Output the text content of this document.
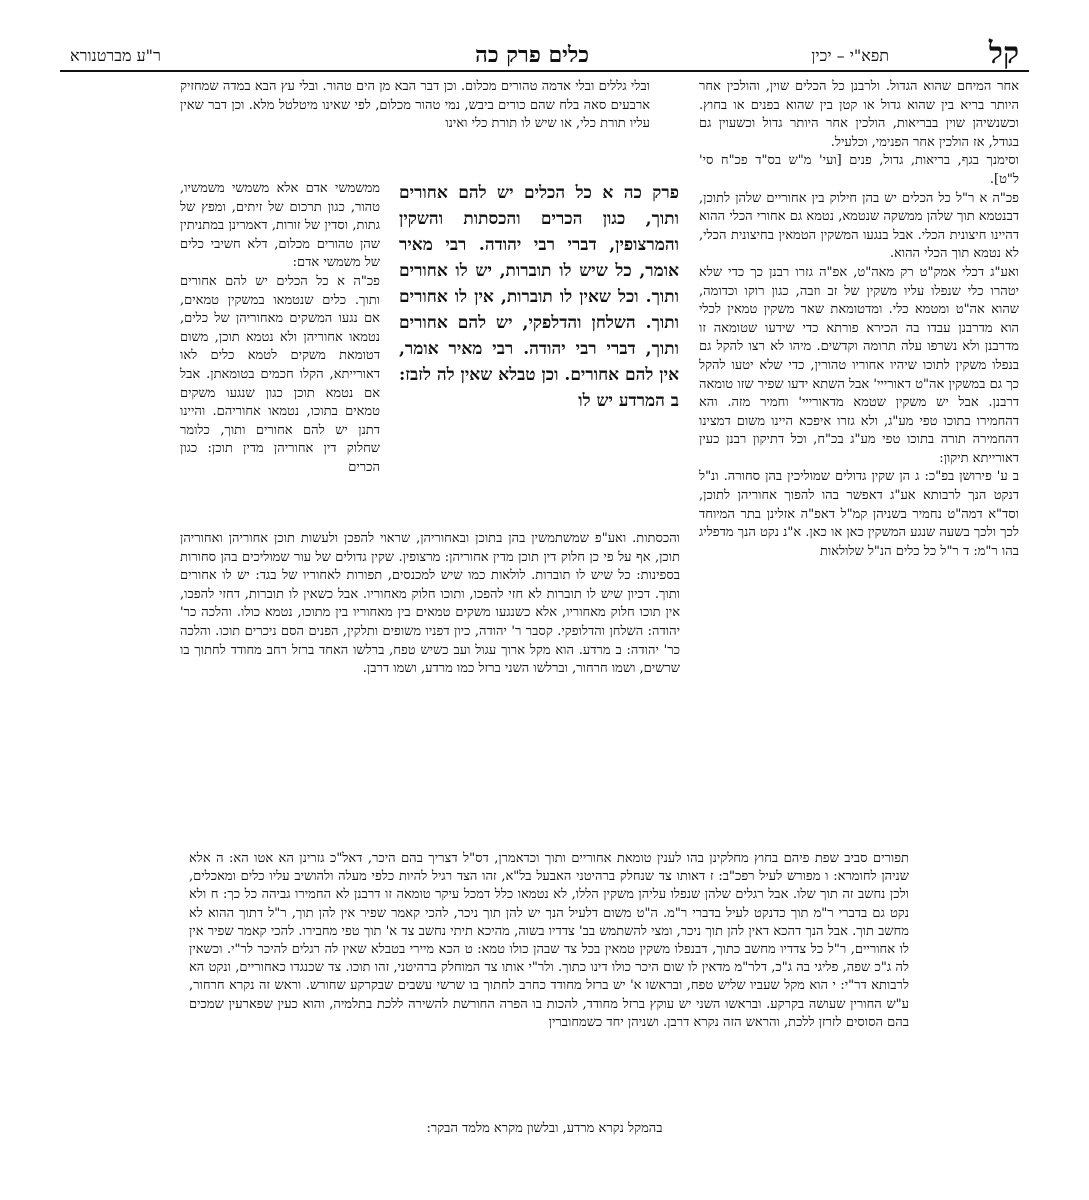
קל
תפא"י – יכין
כלים פרק כה
ר"ע מברטנורא

אחר המיחם שהוא הגדול. ולרבנן כל הכלים שוין, והולכין אחר היותר בריא בין שהוא גדול או קטן בין שהוא בפנים או בחוץ. וכשנשיהן שוין בבריאות, הולכין אחר היותר גדול וכשעוין גם בגודל, אז הולכין אחר הפנימי, וכלעיל.

וסימנך בגף, בריאות, גדול, פנים [ועי' מ"ש בס"ד פכ"ח סי' ל"ט].

פכ"ה א ר"ל כל הכלים יש בהן חילוק בין אחוריים שלהן לתוכן, דבנטמא תוך שלהן ממשקה שנטמא, נטמא גם אחורי הכלי ההוא דהיינו חיצונית הכלי. אבל בנגעו המשקין הטמאין בחיצונית הכלי, לא נטמא תוך הכלי ההוא.

ואע"ג דכלי אמק"ט רק מאה"ט, אפ"ה גזרו רבנן כך כדי שלא יטהרו כלי שנפלו עליו משקין של זב וזבה, כגון רוקו וכדומה, שהוא אה"ט ומטמא כלי. ומדטומאת שאר משקין טמאין לכלי הוא מדרבנן עבדו בה הכירא פורתא כדי שידעו שטומאה זו מדרבנן ולא נשרפו עלה תרומה וקדשים. מיהו לא רצו להקל גם בנפלו משקין לתוכו שיהיו אחוריו טהורין, כדי שלא יטעו להקל כך גם במשקין אה"ט דאורייי' אבל השתא ידעו שפיר שזו טומאה דרבנן. אבל יש משקין שטמא מדאורייי' וחמיר מזה. והא דהחמירו בתוכו טפי מע"ג, ולא גזרו איפכא היינו משום דמצינו דהחמירה תורה בתוכו טפי מע"ג בכ"ח, וכל דתיקון רבנן כעין דאורייתא תיקון:

ב ע' פירושן בפ"כ: ג הן שקין גדולים שמוליכין בהן סחורה. ונ"ל דנקט הנך לרבותא אע"ג דאפשר בהו להפוך אחוריהן לתוכן, וסד"א דמה"ט נחמיר בשניהן קמ"ל דאפ"ה אזלינן בתר המיוחד לכך ולכך בשעה שנגע המשקין כאן או כאן. א"נ נקט הנך מדפליג בהו ר"מ: ד ר"ל כל כלים הנ"ל שלולאות

ובלי גללים ובלי אדמה טהורים מכלום. וכן דבר הבא מן הים טהור. ובלי עץ הבא במדה שמחזיק ארבעים סאה בלח שהם כורים ביבש, נמי טהור מכלום, לפי שאינו מיטלטל מלא. וכן דבר שאין עליו תורת כלי, או שיש לו תורת כלי ואינו

פרק כה א כל הכלים יש להם אחורים ותוך, כגון הכרים והכסתות והשקין והמרצופין, דברי רבי יהודה. רבי מאיר אומר, כל שיש לו תוברות, יש לו אחורים ותוך. וכל שאין לו תוברות, אין לו אחורים ותוך. השלחן והדלפקי, יש להם אחורים ותוך, דברי רבי יהודה. רבי מאיר אומר, אין להם אחורים. וכן טבלא שאין לה לזבז: ב המרדע יש לו

ממשמשי אדם אלא משמשי משמשיו, טהור, כגון תרכום של זיתים, ומפץ של גתות, וסדין של זורות, דאמרינן במתניתין שהן טהורים מכלום, דלא חשיבי כלים של משמשי אדם:

פכ"ה א כל הכלים יש להם אחורים ותוך. כלים שנטמאו במשקין טמאים, אם נגעו המשקים מאחוריהן של כלים, נטמאו אחוריהן ולא נטמא תוכן, משום דטומאת משקים לטמא כלים לאו דאורייתא, הקלו חכמים בטומאתן. אבל אם נטמא תוכן כגון שנגעו משקים טמאים בתוכו, נטמאו אחוריהם. והיינו דתנן יש להם אחורים ותוך, כלומר שחלוק דין אחוריהן מדין תוכן: כגון הכרים

והכסתות. ואע"פ שמשתמשין בהן בתוכן ובאחוריהן, שראוי להפכן ולעשות תוכן אחוריהן ואחוריהן תוכן, אף על פי כן חלוק דין תוכן מדין אחוריהן: מרצופין. שקין גדולים של עור שמוליכים בהן סחורות בספינות: כל שיש לו תוברות. לולאות כמו שיש למכנסים, תפורות לאחוריו של בגד: יש לו אחורים ותוך. דכיון שיש לו תוברות לא חזי להפכו, ותוכו חלוק מאחוריו. אבל כשאין לו תוברות, דחזי להפכו, אין תוכו חלוק מאחוריו, אלא כשנגעו משקים טמאים בין מאחוריו בין מתוכו, נטמא כולו. והלכה כר' יהודה: השלחן והדלופקי. קסבר ר' יהודה, כיון דפניו משופים ותלקין, הפנים הסם ניכרים תוכו. והלכה כר' יהודה: ב מרדע. הוא מקל ארוך עגול ועב כשיש טפח, ברלשו האחד ברזל רחב מחודד לחתוך בו שרשים, ושמו חרחור, וברלשו השני ברזל כמו מרדע, ושמו דרבן.

תפורים סביב שפת פיהם בחוץ מחלקינן בהו לענין טומאת אחוריים ותוך וכדאמרן, דס"ל דצריך בהם היכר, דאל"כ גזרינן הא אטו הא: ה אלא שניהן לחומרא: ו מפורש לעיל רפכ"ב: ז דאותו צד שנחלק ברהיטני האבעל בל"א, זהו הצד רגיל להיות כלפי מעלה ולהושיב עליו כלים ומאכלים, ולכן נחשב זה תוך שלו. אבל רגלים שלהן שנפלו עליהן משקין הללו, לא נטמאו כלל דמכל עיקר טומאה זו דרבנן לא החמירו גביהה כל כך: ח ולא נקט גם בדברי ר"מ תוך כדנקט לעיל בדברי ר"מ. ה"ט משום דלעיל הנך יש להן תוך ניכר, להכי קאמר שפיר אין להן תוך, ר"ל דתוך ההוא לא מחשב תוך. אבל הנך דהכא דאין להן תוך ניכר, ומצי להשתמש בב' צדדיו בשוה, מהיכא תיתי נחשב צד א' תוך טפי מחבירו. להכי קאמר שפיר אין לו אחוריים, ר"ל כל צדדיו מחשב כתוך, דבנפלו משקין טמאין בכל צד שבהן כולו טמא: ט הכא מיירי בטבלא שאין לה רגלים להיכר לר"י. וכשאין לה ג"כ שפה, פליגי בה ג"כ, דלר"מ מדאין לו שום היכר כולו דינו כתוך. ולר"י אותו צד המוחלק ברהיטני, זהו תוכו. צד שכנגדו כאחוריים, ונקט הא לרבותא דר"י: י הוא מקל שעביו שליש טפח, ובראשו א' יש ברזל מחודד כחרב לחתוך בו שרשי עשבים שבקרקע שחורש. וראש זה נקרא חרחור, ע"ש החורין שעושה בקרקע. ובראשו השני יש עוקץ ברזל מחודד, להכות בו הפרה החורשת להשירה ללכת בתלמיה, והוא כעין שפארעין שמכים בהם הסוסים לזרזן ללכת, והראש הזה נקרא דרבן. ושניהן יחד כשמחוברין

בהמקל נקרא מרדע, ובלשון מקרא מלמד הבקר:
